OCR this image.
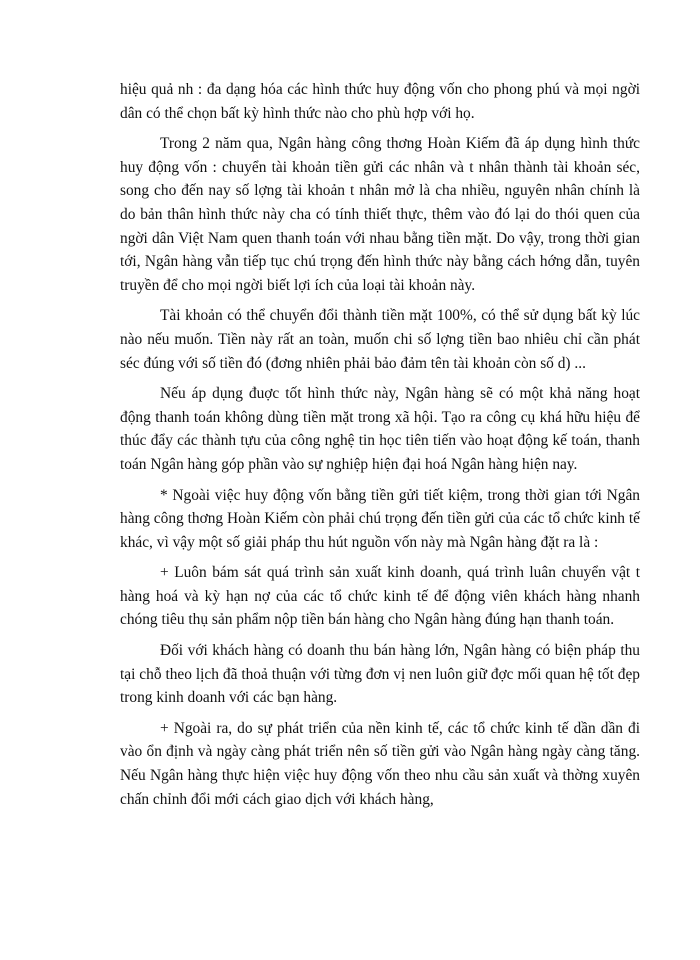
hiệu quả nh : đa dạng hóa các hình thức huy động vốn cho phong phú và mọi ngời dân có thể chọn bất kỳ hình thức nào cho phù hợp với họ.

Trong 2 năm qua, Ngân hàng công thơng Hoàn Kiếm đã áp dụng hình thức huy động vốn : chuyển tài khoản tiền gửi các nhân và t nhân thành tài khoản séc, song cho đến nay số lợng tài khoản t nhân mở là cha nhiều, nguyên nhân chính là do bản thân hình thức này cha có tính thiết thực, thêm vào đó lại do thói quen của ngời dân Việt Nam quen thanh toán với nhau bằng tiền mặt. Do vậy, trong thời gian tới, Ngân hàng vẫn tiếp tục chú trọng đến hình thức này bằng cách hớng dẫn, tuyên truyền để cho mọi ngời biết lợi ích của loại tài khoản này.

Tài khoản có thể chuyển đổi thành tiền mặt 100%, có thể sử dụng bất kỳ lúc nào nếu muốn. Tiền này rất an toàn, muốn chi số lợng tiền bao nhiêu chỉ cần phát séc đúng với số tiền đó (đơng nhiên phải bảo đảm tên tài khoản còn số d) ...

Nếu áp dụng đuợc tốt hình thức này, Ngân hàng sẽ có một khả năng hoạt động thanh toán không dùng tiền mặt trong xã hội. Tạo ra công cụ khá hữu hiệu để thúc đẩy các thành tựu của công nghệ tin học tiên tiến vào hoạt động kế toán, thanh toán Ngân hàng góp phần vào sự nghiệp hiện đại hoá Ngân hàng hiện nay.

* Ngoài việc huy động vốn bằng tiền gửi tiết kiệm, trong thời gian tới Ngân hàng công thơng Hoàn Kiếm còn phải chú trọng đến tiền gửi của các tổ chức kinh tế khác, vì vậy một số giải pháp thu hút nguồn vốn này mà Ngân hàng đặt ra là :

+ Luôn bám sát quá trình sản xuất kinh doanh, quá trình luân chuyển vật t hàng hoá và kỳ hạn nợ của các tổ chức kinh tế để động viên khách hàng nhanh chóng tiêu thụ sản phẩm nộp tiền bán hàng cho Ngân hàng đúng hạn thanh toán.

Đối với khách hàng có doanh thu bán hàng lớn, Ngân hàng có biện pháp thu tại chỗ theo lịch đã thoả thuận với từng đơn vị nen luôn giữ đợc mối quan hệ tốt đẹp trong kinh doanh với các bạn hàng.

+ Ngoài ra, do sự phát triển của nền kinh tế, các tổ chức kinh tế dần dần đi vào ổn định và ngày càng phát triển nên số tiền gửi vào Ngân hàng ngày càng tăng. Nếu Ngân hàng thực hiện việc huy động vốn theo nhu cầu sản xuất và thờng xuyên chấn chỉnh đổi mới cách giao dịch với khách hàng,
